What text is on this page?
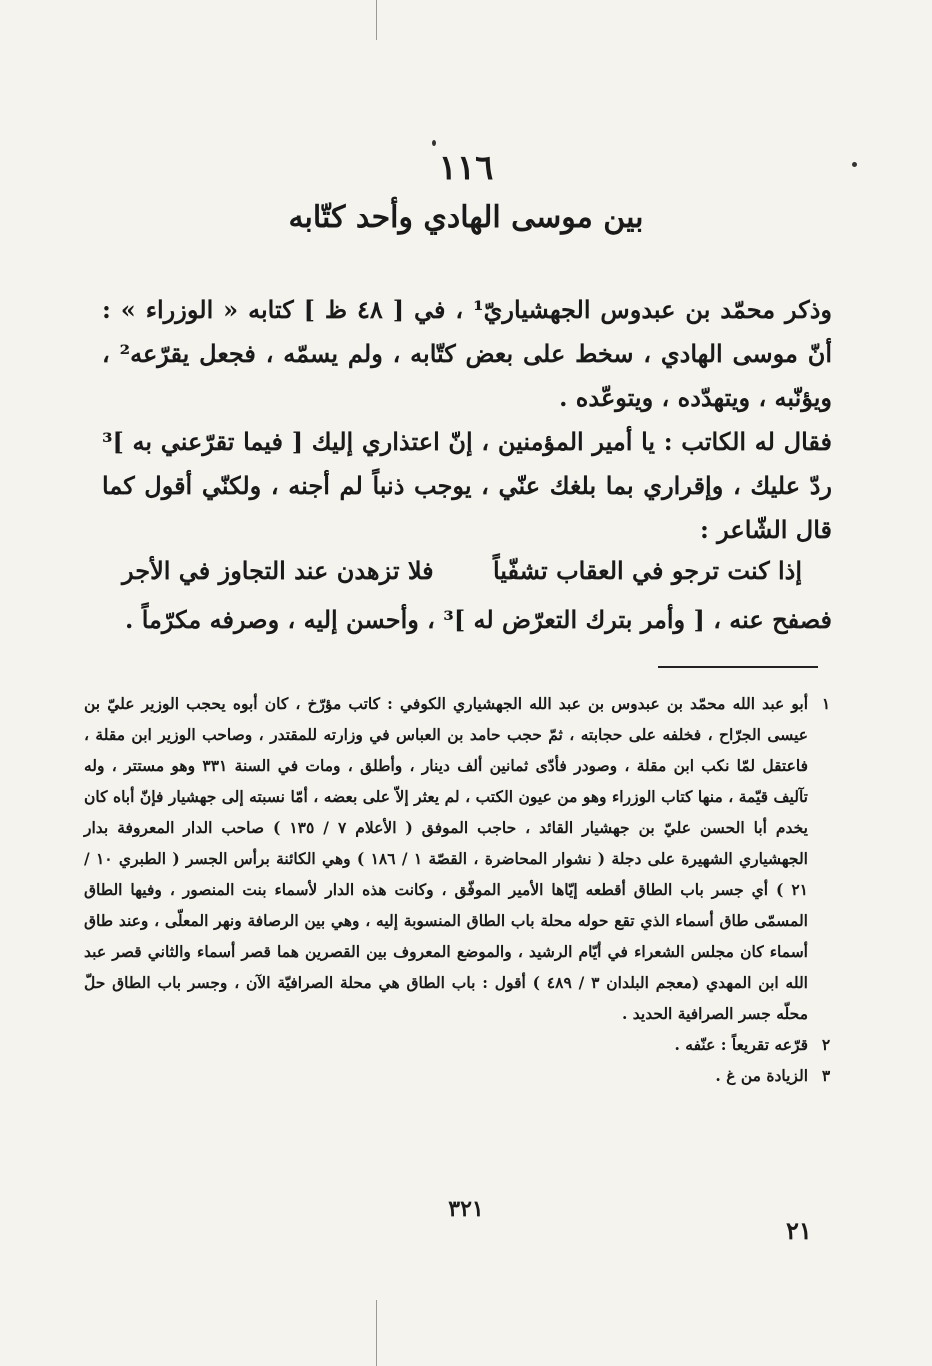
١١٦
بين موسى الهادي وأحد كتّابه
وذكر محمّد بن عبدوس الجهشياريّ¹ ، في [ ٤٨ ظ ] كتابه « الوزراء » : أنّ موسى الهادي ، سخط على بعض كتّابه ، ولم يسمّه ، فجعل يقرّعه² ، ويؤنّبه ، ويتهدّده ، ويتوعّده .
فقال له الكاتب : يا أمير المؤمنين ، إنّ اعتذاري إليك [ فيما تقرّعني به ]³ ردّ عليك ، وإقراري بما بلغك عنّي ، يوجب ذنباً لم أجنه ، ولكنّي أقول كما قال الشّاعر :
إذا كنت ترجو في العقاب تشفّياً
فلا تزهدن عند التجاوز في الأجر
فصفح عنه ، [ وأمر بترك التعرّض له ]³ ، وأحسن إليه ، وصرفه مكرّماً .
١
أبو عبد الله محمّد بن عبدوس بن عبد الله الجهشياري الكوفي : كاتب مؤرّخ ، كان أبوه يحجب الوزير عليّ بن عيسى الجرّاح ، فخلفه على حجابته ، ثمّ حجب حامد بن العباس في وزارته للمقتدر ، وصاحب الوزير ابن مقلة ، فاعتقل لمّا نكب ابن مقلة ، وصودر فأدّى ثمانين ألف دينار ، وأطلق ، ومات في السنة ٣٣١ وهو مستتر ، وله تآليف قيّمة ، منها كتاب الوزراء وهو من عيون الكتب ، لم يعثر إلاّ على بعضه ، أمّا نسبته إلى جهشيار فإنّ أباه كان يخدم أبا الحسن عليّ بن جهشيار القائد ، حاجب الموفق ( الأعلام ٧ / ١٣٥ ) صاحب الدار المعروفة بدار الجهشياري الشهيرة على دجلة ( نشوار المحاضرة ، القصّة ١ / ١٨٦ ) وهي الكائنة برأس الجسر ( الطبري ١٠ / ٢١ ) أي جسر باب الطاق أقطعه إيّاها الأمير الموفّق ، وكانت هذه الدار لأسماء بنت المنصور ، وفيها الطاق المسمّى طاق أسماء الذي تقع حوله محلة باب الطاق المنسوبة إليه ، وهي بين الرصافة ونهر المعلّى ، وعند طاق أسماء كان مجلس الشعراء في أيّام الرشيد ، والموضع المعروف بين القصرين هما قصر أسماء والثاني قصر عبد الله ابن المهدي (معجم البلدان ٣ / ٤٨٩ ) أقول : باب الطاق هي محلة الصرافيّة الآن ، وجسر باب الطاق حلّ محلّه جسر الصرافية الحديد .
٢
قرّعه تقريعاً : عنّفه .
٣
الزيادة من غ .
٣٢١
٢١
